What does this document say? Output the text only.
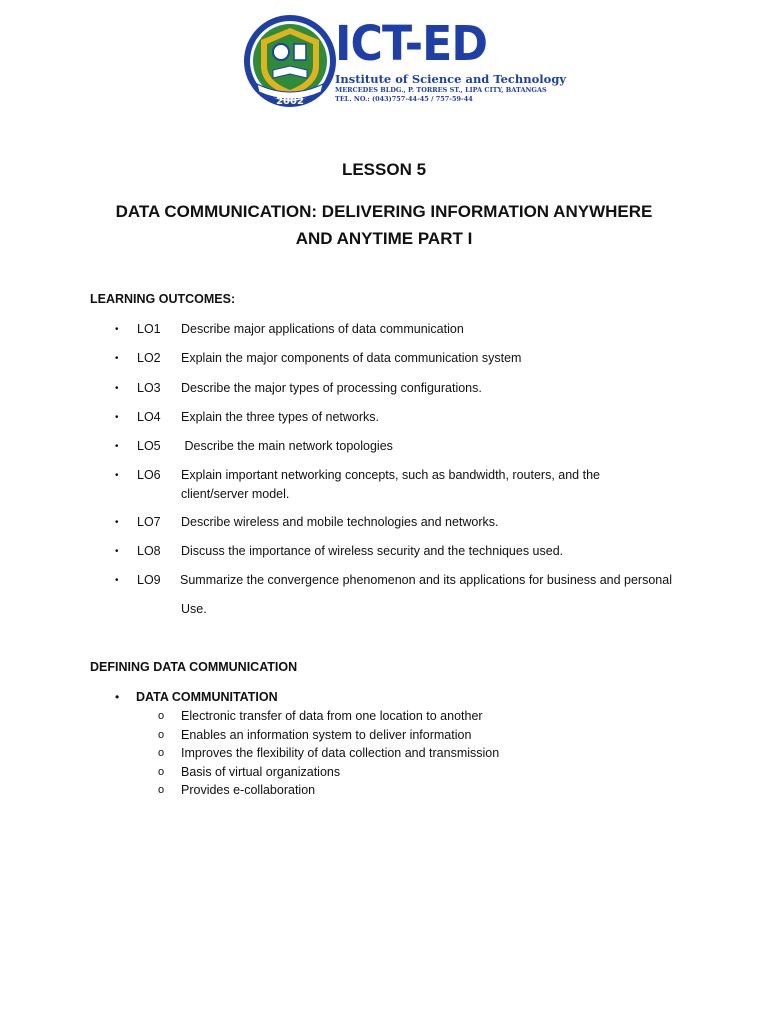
2002
ICT-ED
Institute of Science and Technology
MERCEDES BLDG., P. TORRES ST., LIPA CITY, BATANGAS
TEL. NO.: (043)757-44-45 / 757-59-44
LESSON 5
DATA COMMUNICATION: DELIVERING INFORMATION ANYWHERE
AND ANYTIME PART I
LEARNING OUTCOMES:
• LO1 Describe major applications of data communication
• LO2 Explain the major components of data communication system
• LO3 Describe the major types of processing configurations.
• LO4 Explain the three types of networks.
• LO5 Describe the main network topologies
• LO6 Explain important networking concepts, such as bandwidth, routers, and the
client/server model.
• LO7 Describe wireless and mobile technologies and networks.
• LO8 Discuss the importance of wireless security and the techniques used.
• LO9 Summarize the convergence phenomenon and its applications for business and personal
Use.
DEFINING DATA COMMUNICATION
• DATA COMMUNITATION
o Electronic transfer of data from one location to another
o Enables an information system to deliver information
o Improves the flexibility of data collection and transmission
o Basis of virtual organizations
o Provides e-collaboration
